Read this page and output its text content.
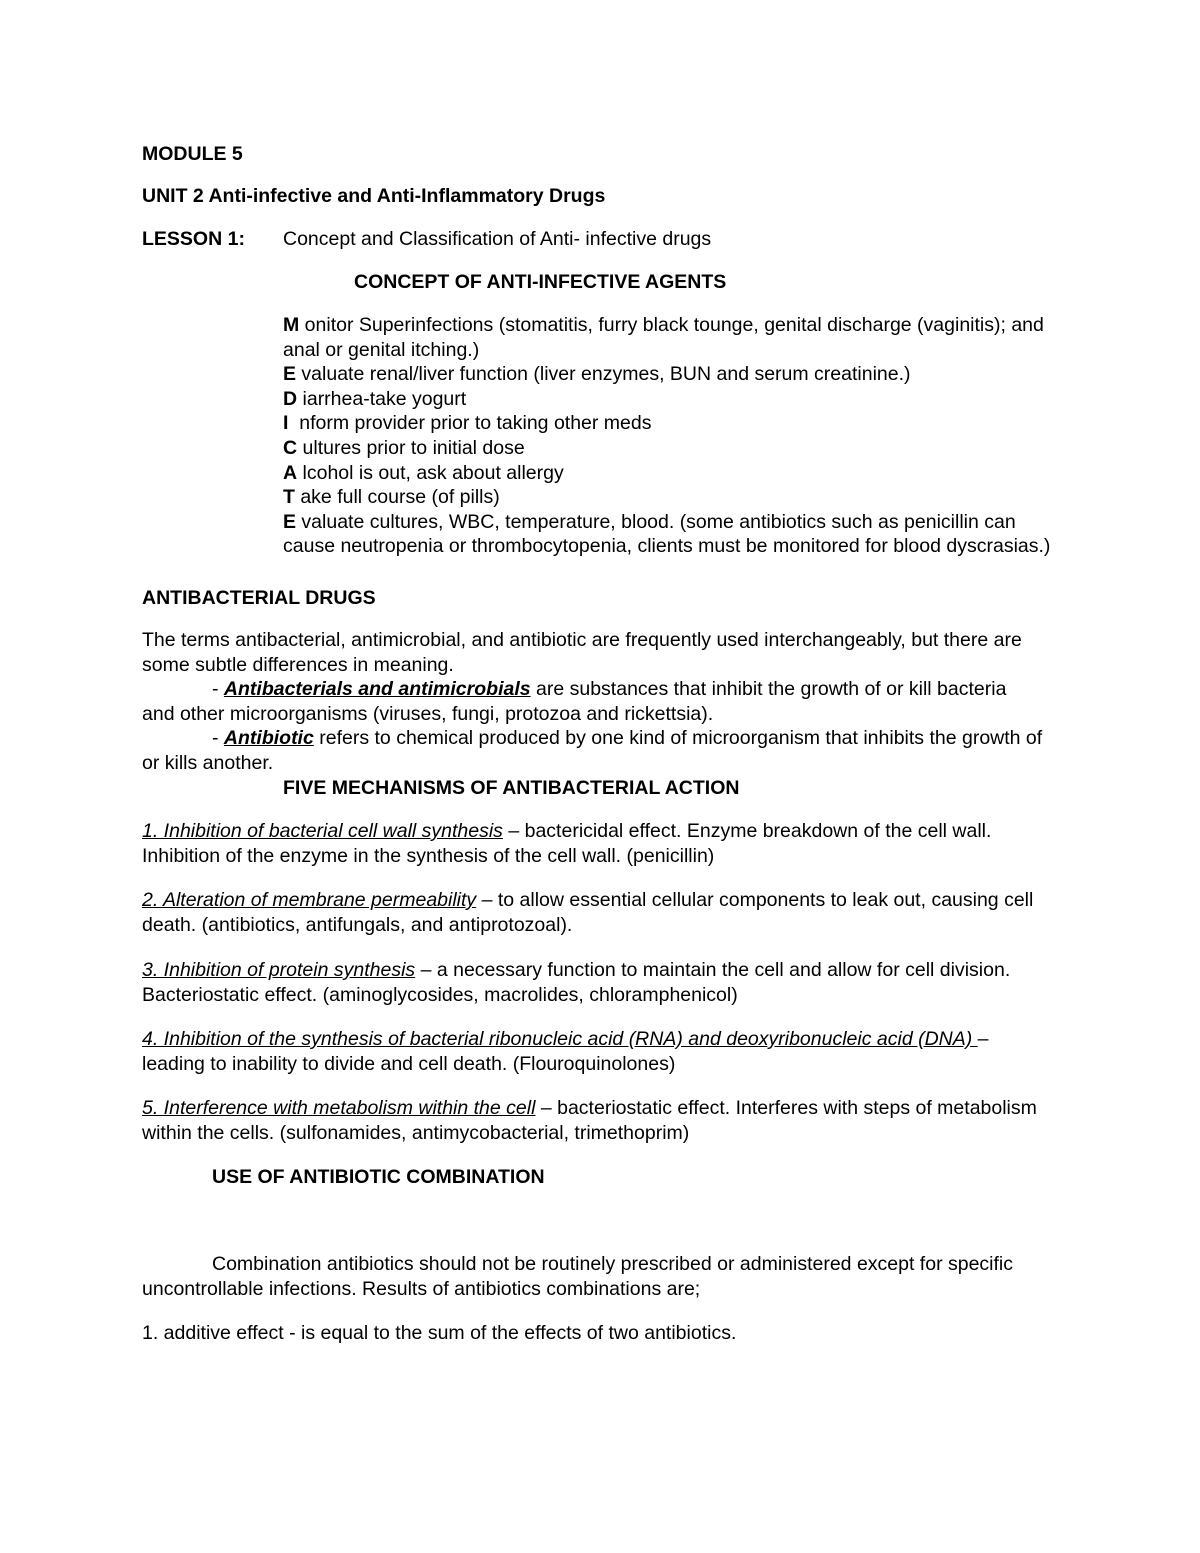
MODULE 5
UNIT 2 Anti-infective and Anti-Inflammatory Drugs
LESSON 1: Concept and Classification of Anti- infective drugs
CONCEPT OF ANTI-INFECTIVE AGENTS
M onitor Superinfections (stomatitis, furry black tounge, genital discharge (vaginitis); and anal or genital itching.)
E valuate renal/liver function (liver enzymes, BUN and serum creatinine.)
D iarrhea-take yogurt
I  nform provider prior to taking other meds
C ultures prior to initial dose
A lcohol is out, ask about allergy
T ake full course (of pills)
E valuate cultures, WBC, temperature, blood. (some antibiotics such as penicillin can cause neutropenia or thrombocytopenia, clients must be monitored for blood dyscrasias.)
ANTIBACTERIAL DRUGS
The terms antibacterial, antimicrobial, and antibiotic are frequently used interchangeably, but there are some subtle differences in meaning.
- Antibacterials and antimicrobials are substances that inhibit the growth of or kill bacteria and other microorganisms (viruses, fungi, protozoa and rickettsia).
- Antibiotic refers to chemical produced by one kind of microorganism that inhibits the growth of or kills another.
FIVE MECHANISMS OF ANTIBACTERIAL ACTION
1. Inhibition of bacterial cell wall synthesis – bactericidal effect. Enzyme breakdown of the cell wall. Inhibition of the enzyme in the synthesis of the cell wall. (penicillin)
2. Alteration of membrane permeability – to allow essential cellular components to leak out, causing cell death. (antibiotics, antifungals, and antiprotozoal).
3. Inhibition of protein synthesis – a necessary function to maintain the cell and allow for cell division. Bacteriostatic effect. (aminoglycosides, macrolides, chloramphenicol)
4. Inhibition of the synthesis of bacterial ribonucleic acid (RNA) and deoxyribonucleic acid (DNA) – leading to inability to divide and cell death. (Flouroquinolones)
5. Interference with metabolism within the cell – bacteriostatic effect. Interferes with steps of metabolism within the cells. (sulfonamides, antimycobacterial, trimethoprim)
USE OF ANTIBIOTIC COMBINATION
Combination antibiotics should not be routinely prescribed or administered except for specific uncontrollable infections. Results of antibiotics combinations are;
1. additive effect - is equal to the sum of the effects of two antibiotics.
